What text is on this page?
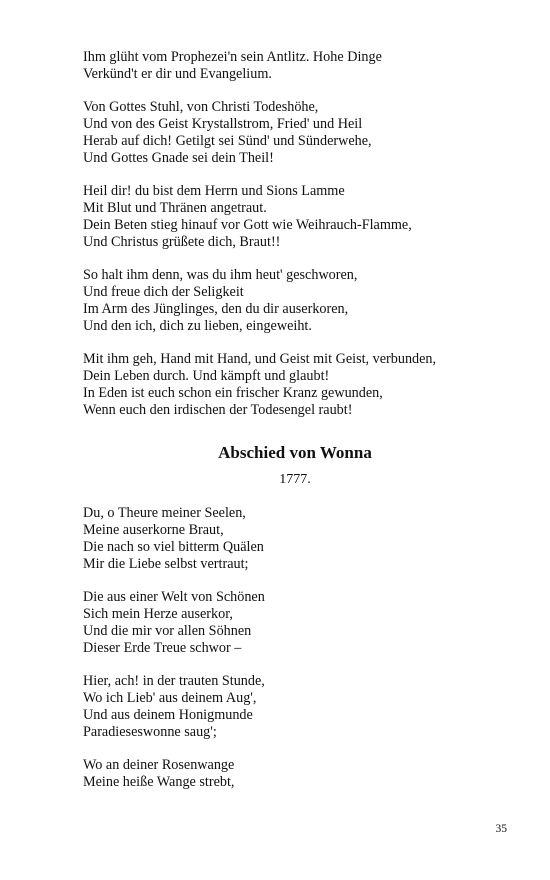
Ihm glüht vom Prophezei'n sein Antlitz. Hohe Dinge
Verkünd't er dir und Evangelium.
Von Gottes Stuhl, von Christi Todeshöhe,
Und von des Geist Krystallstrom, Fried' und Heil
Herab auf dich! Getilgt sei Sünd' und Sünderwehe,
Und Gottes Gnade sei dein Theil!
Heil dir! du bist dem Herrn und Sions Lamme
Mit Blut und Thränen angetraut.
Dein Beten stieg hinauf vor Gott wie Weihrauch-Flamme,
Und Christus grüßete dich, Braut!!
So halt ihm denn, was du ihm heut' geschworen,
Und freue dich der Seligkeit
Im Arm des Jünglinges, den du dir auserkoren,
Und den ich, dich zu lieben, eingeweiht.
Mit ihm geh, Hand mit Hand, und Geist mit Geist, verbunden,
Dein Leben durch. Und kämpft und glaubt!
In Eden ist euch schon ein frischer Kranz gewunden,
Wenn euch den irdischen der Todesengel raubt!
Abschied von Wonna
1777.
Du, o Theure meiner Seelen,
Meine auserkorne Braut,
Die nach so viel bitterm Quälen
Mir die Liebe selbst vertraut;
Die aus einer Welt von Schönen
Sich mein Herze auserkor,
Und die mir vor allen Söhnen
Dieser Erde Treue schwor –
Hier, ach! in der trauten Stunde,
Wo ich Lieb' aus deinem Aug',
Und aus deinem Honigmunde
Paradieseswonne saug';
Wo an deiner Rosenwange
Meine heiße Wange strebt,
35
